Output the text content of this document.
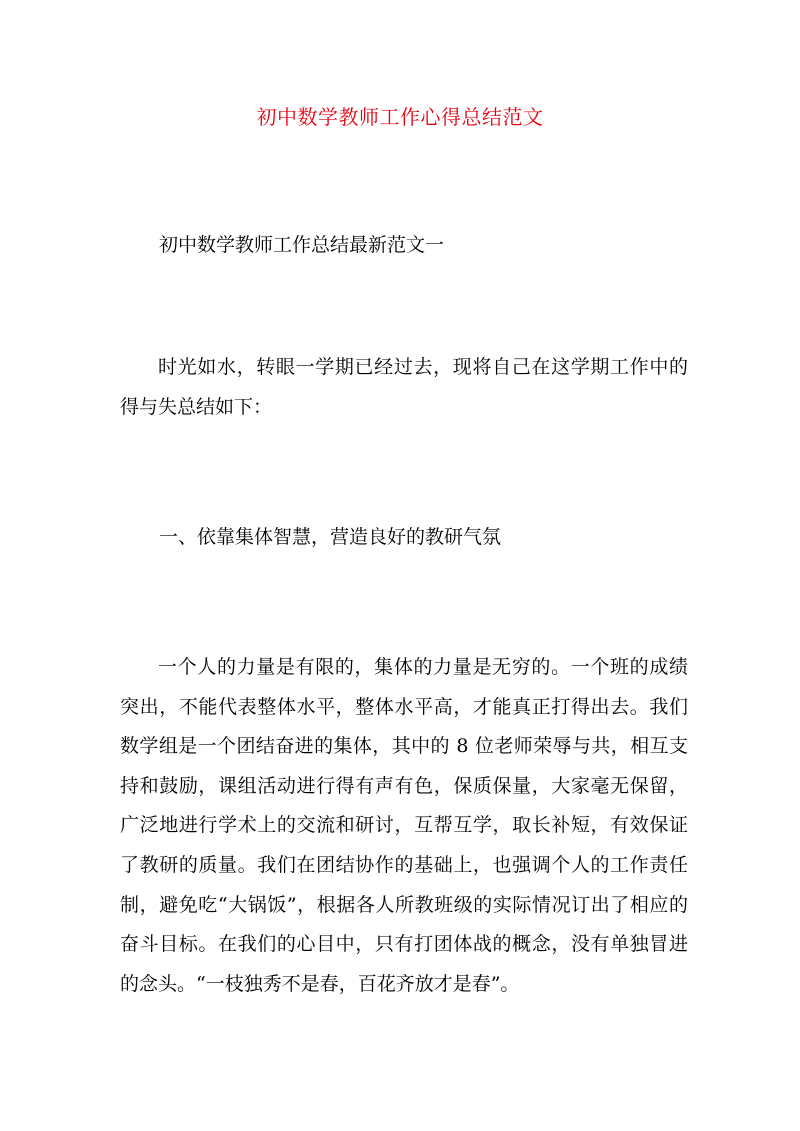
初中数学教师工作心得总结范文
初中数学教师工作总结最新范文一

时光如水，转眼一学期已经过去，现将自己在这学期工作中的得与失总结如下：

一、依靠集体智慧，营造良好的教研气氛

一个人的力量是有限的，集体的力量是无穷的。一个班的成绩突出，不能代表整体水平，整体水平高，才能真正打得出去。我们数学组是一个团结奋进的集体，其中的 8 位老师荣辱与共，相互支持和鼓励，课组活动进行得有声有色，保质保量，大家毫无保留，广泛地进行学术上的交流和研讨，互帮互学，取长补短，有效保证了教研的质量。我们在团结协作的基础上，也强调个人的工作责任制，避免吃“大锅饭”，根据各人所教班级的实际情况订出了相应的奋斗目标。在我们的心目中，只有打团体战的概念，没有单独冒进的念头。“一枝独秀不是春，百花齐放才是春”。
